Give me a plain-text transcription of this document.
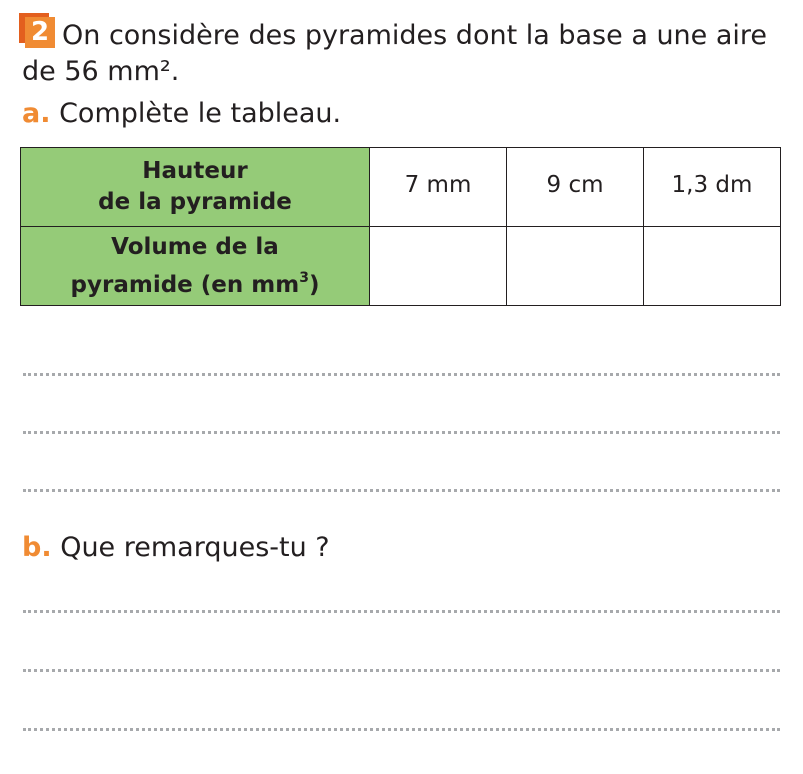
2 On considère des pyramides dont la base a une aire de 56 mm².

a. Complète le tableau.

Hauteur
de la pyramide	7 mm	9 cm	1,3 dm
Volume de la
pyramide (en $mm^3$)			

b. Que remarques-tu ?
